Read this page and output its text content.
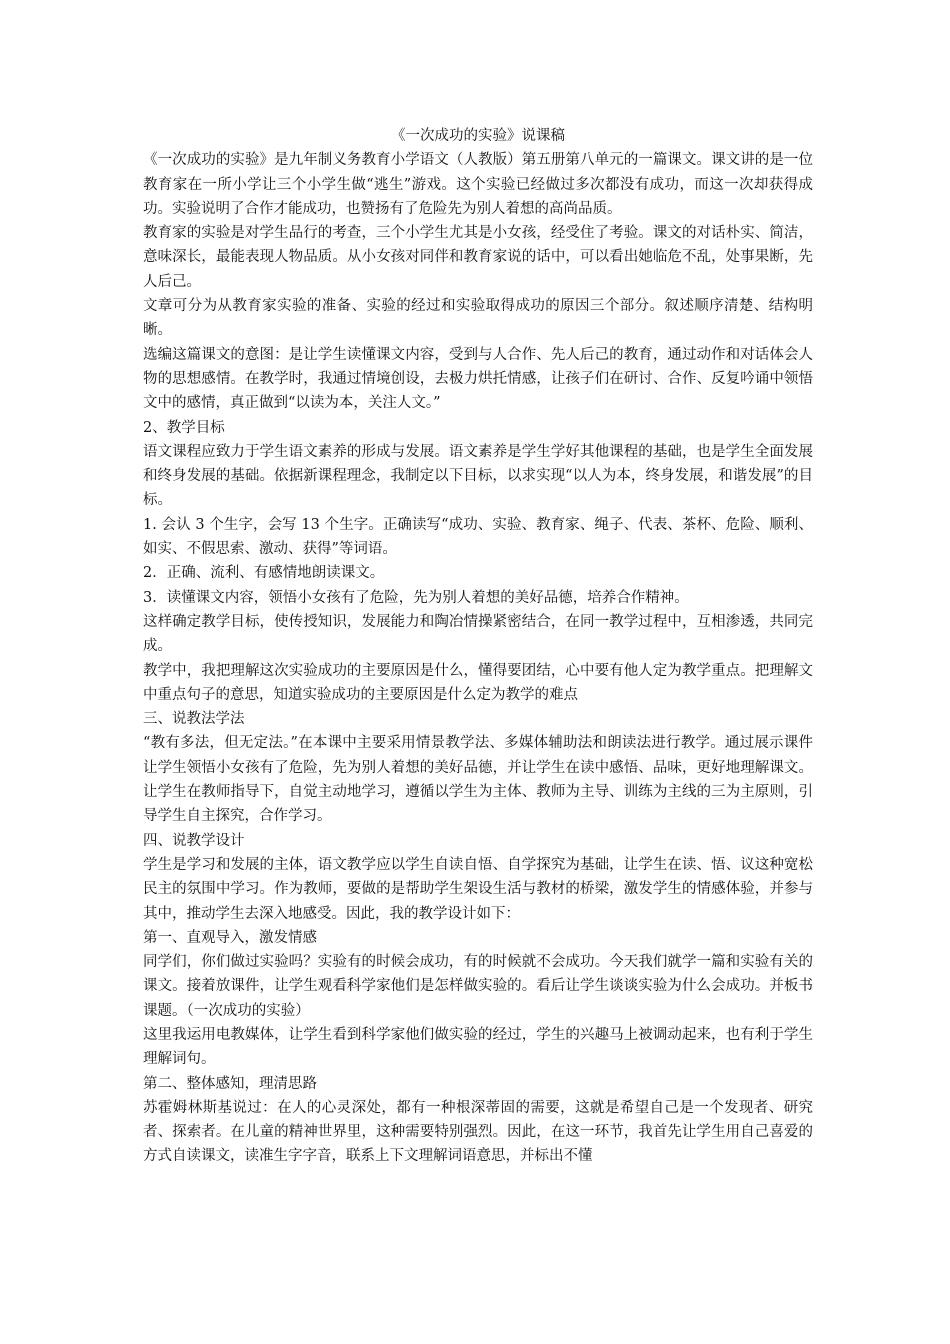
《一次成功的实验》说课稿

《一次成功的实验》是九年制义务教育小学语文（人教版）第五册第八单元的一篇课文。课文讲的是一位教育家在一所小学让三个小学生做“逃生”游戏。这个实验已经做过多次都没有成功，而这一次却获得成功。实验说明了合作才能成功，也赞扬有了危险先为别人着想的高尚品质。

教育家的实验是对学生品行的考查，三个小学生尤其是小女孩，经受住了考验。课文的对话朴实、简洁，意味深长，最能表现人物品质。从小女孩对同伴和教育家说的话中，可以看出她临危不乱，处事果断，先人后己。

文章可分为从教育家实验的准备、实验的经过和实验取得成功的原因三个部分。叙述顺序清楚、结构明晰。

选编这篇课文的意图：是让学生读懂课文内容，受到与人合作、先人后己的教育，通过动作和对话体会人物的思想感情。在教学时，我通过情境创设，去极力烘托情感，让孩子们在研讨、合作、反复吟诵中领悟文中的感情，真正做到“以读为本，关注人文。”

2、教学目标

语文课程应致力于学生语文素养的形成与发展。语文素养是学生学好其他课程的基础，也是学生全面发展和终身发展的基础。依据新课程理念，我制定以下目标，以求实现“以人为本，终身发展，和谐发展”的目标。

1. 会认 3 个生字，会写 13 个生字。正确读写“成功、实验、教育家、绳子、代表、茶杯、危险、顺利、如实、不假思索、激动、获得”等词语。

2．正确、流利、有感情地朗读课文。

3．读懂课文内容，领悟小女孩有了危险，先为别人着想的美好品德，培养合作精神。

这样确定教学目标，使传授知识，发展能力和陶冶情操紧密结合，在同一教学过程中，互相渗透，共同完成。

教学中，我把理解这次实验成功的主要原因是什么，懂得要团结，心中要有他人定为教学重点。把理解文中重点句子的意思，知道实验成功的主要原因是什么定为教学的难点

三、说教法学法

“教有多法，但无定法。”在本课中主要采用情景教学法、多媒体辅助法和朗读法进行教学。通过展示课件让学生领悟小女孩有了危险，先为别人着想的美好品德，并让学生在读中感悟、品味，更好地理解课文。让学生在教师指导下，自觉主动地学习，遵循以学生为主体、教师为主导、训练为主线的三为主原则，引导学生自主探究，合作学习。

四、说教学设计

学生是学习和发展的主体，语文教学应以学生自读自悟、自学探究为基础，让学生在读、悟、议这种宽松民主的氛围中学习。作为教师，要做的是帮助学生架设生活与教材的桥梁，激发学生的情感体验，并参与其中，推动学生去深入地感受。因此，我的教学设计如下：

第一、直观导入，激发情感

同学们，你们做过实验吗？实验有的时候会成功，有的时候就不会成功。今天我们就学一篇和实验有关的课文。接着放课件，让学生观看科学家他们是怎样做实验的。看后让学生谈谈实验为什么会成功。并板书课题。（一次成功的实验）

这里我运用电教媒体，让学生看到科学家他们做实验的经过，学生的兴趣马上被调动起来，也有利于学生理解词句。

第二、整体感知，理清思路

苏霍姆林斯基说过：在人的心灵深处，都有一种根深蒂固的需要，这就是希望自己是一个发现者、研究者、探索者。在儿童的精神世界里，这种需要特别强烈。因此，在这一环节，我首先让学生用自己喜爱的方式自读课文，读准生字字音，联系上下文理解词语意思，并标出不懂
